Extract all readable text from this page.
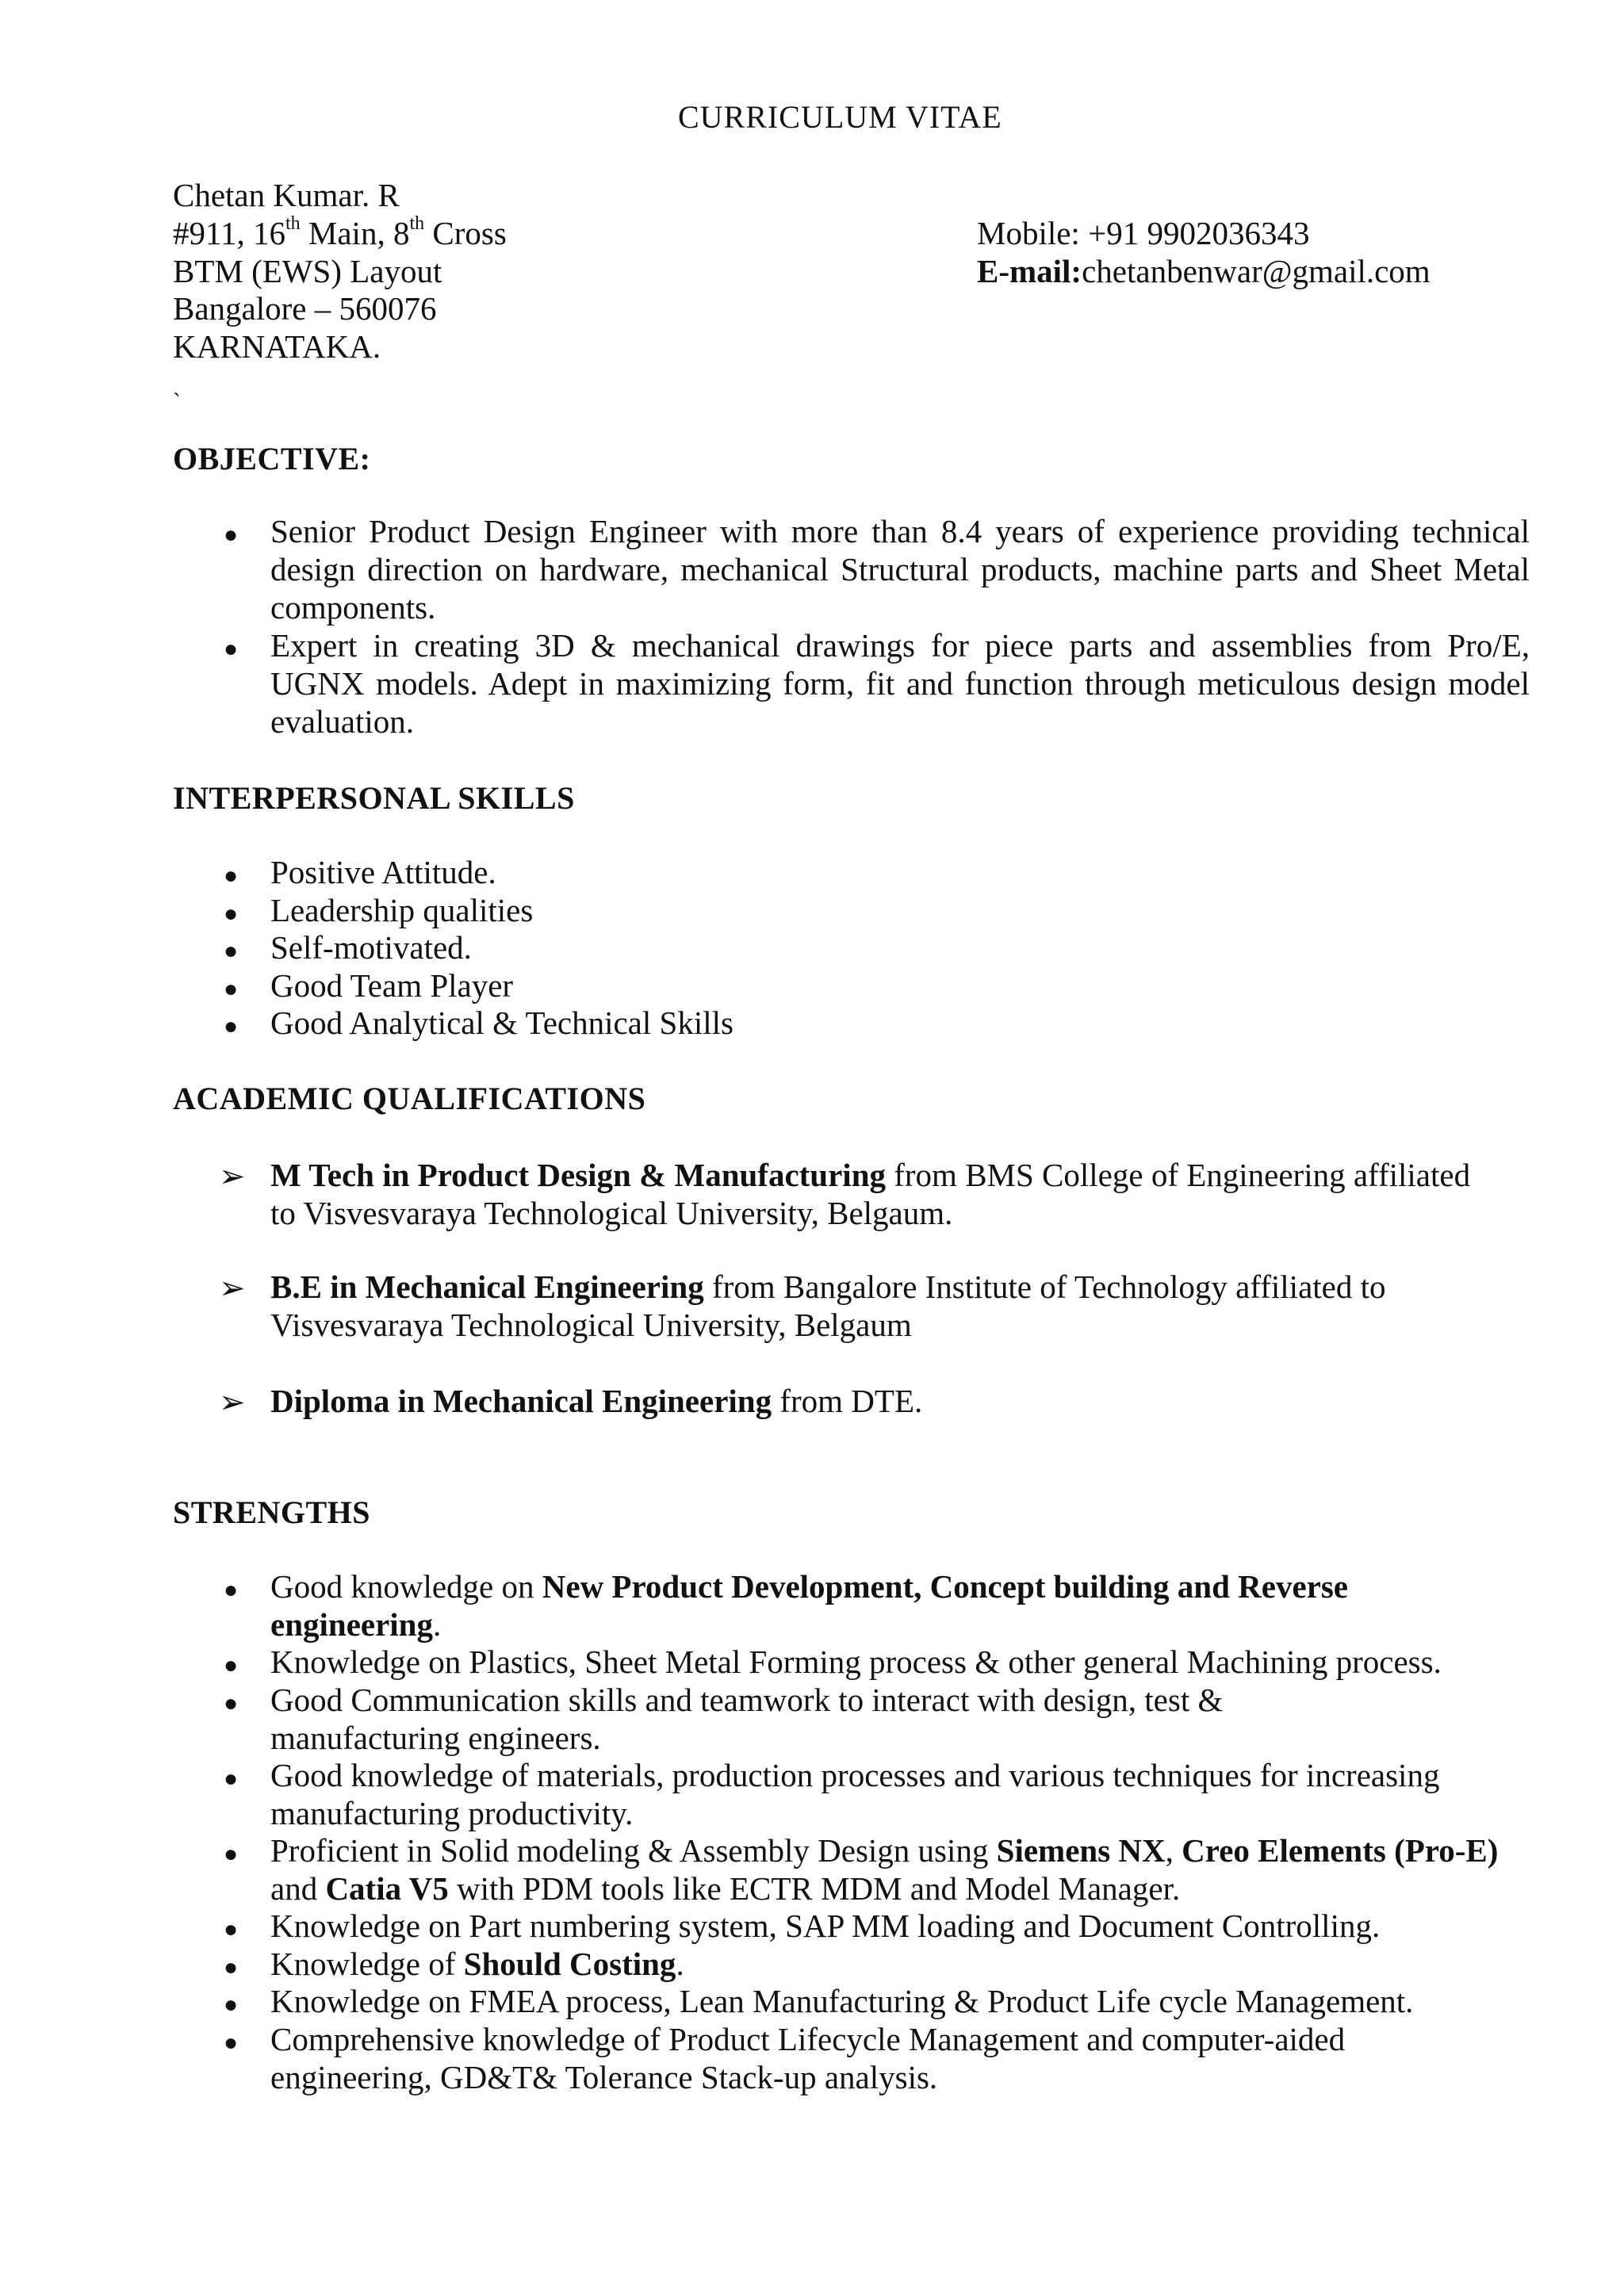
CURRICULUM VITAE
Chetan Kumar. R
#911, 16th Main, 8th Cross
BTM (EWS) Layout
Bangalore – 560076
KARNATAKA.
`
Mobile: +91 9902036343
E-mail:chetanbenwar@gmail.com
OBJECTIVE:
● Senior Product Design Engineer with more than 8.4 years of experience providing technical design direction on hardware, mechanical Structural products, machine parts and Sheet Metal components.
● Expert in creating 3D & mechanical drawings for piece parts and assemblies from Pro/E, UGNX models. Adept in maximizing form, fit and function through meticulous design model evaluation.
INTERPERSONAL SKILLS
● Positive Attitude.
● Leadership qualities
● Self-motivated.
● Good Team Player
● Good Analytical & Technical Skills
ACADEMIC QUALIFICATIONS
➢ M Tech in Product Design & Manufacturing from BMS College of Engineering affiliated
to Visvesvaraya Technological University, Belgaum.
➢ B.E in Mechanical Engineering from Bangalore Institute of Technology affiliated to
Visvesvaraya Technological University, Belgaum
➢ Diploma in Mechanical Engineering from DTE.
STRENGTHS
● Good knowledge on New Product Development, Concept building and Reverse engineering.
● Knowledge on Plastics, Sheet Metal Forming process & other general Machining process.
● Good Communication skills and teamwork to interact with design, test & manufacturing engineers.
● Good knowledge of materials, production processes and various techniques for increasing manufacturing productivity.
● Proficient in Solid modeling & Assembly Design using Siemens NX, Creo Elements (Pro-E) and Catia V5 with PDM tools like ECTR MDM and Model Manager.
● Knowledge on Part numbering system, SAP MM loading and Document Controlling.
● Knowledge of Should Costing.
● Knowledge on FMEA process, Lean Manufacturing & Product Life cycle Management.
● Comprehensive knowledge of Product Lifecycle Management and computer-aided engineering, GD&T& Tolerance Stack-up analysis.
